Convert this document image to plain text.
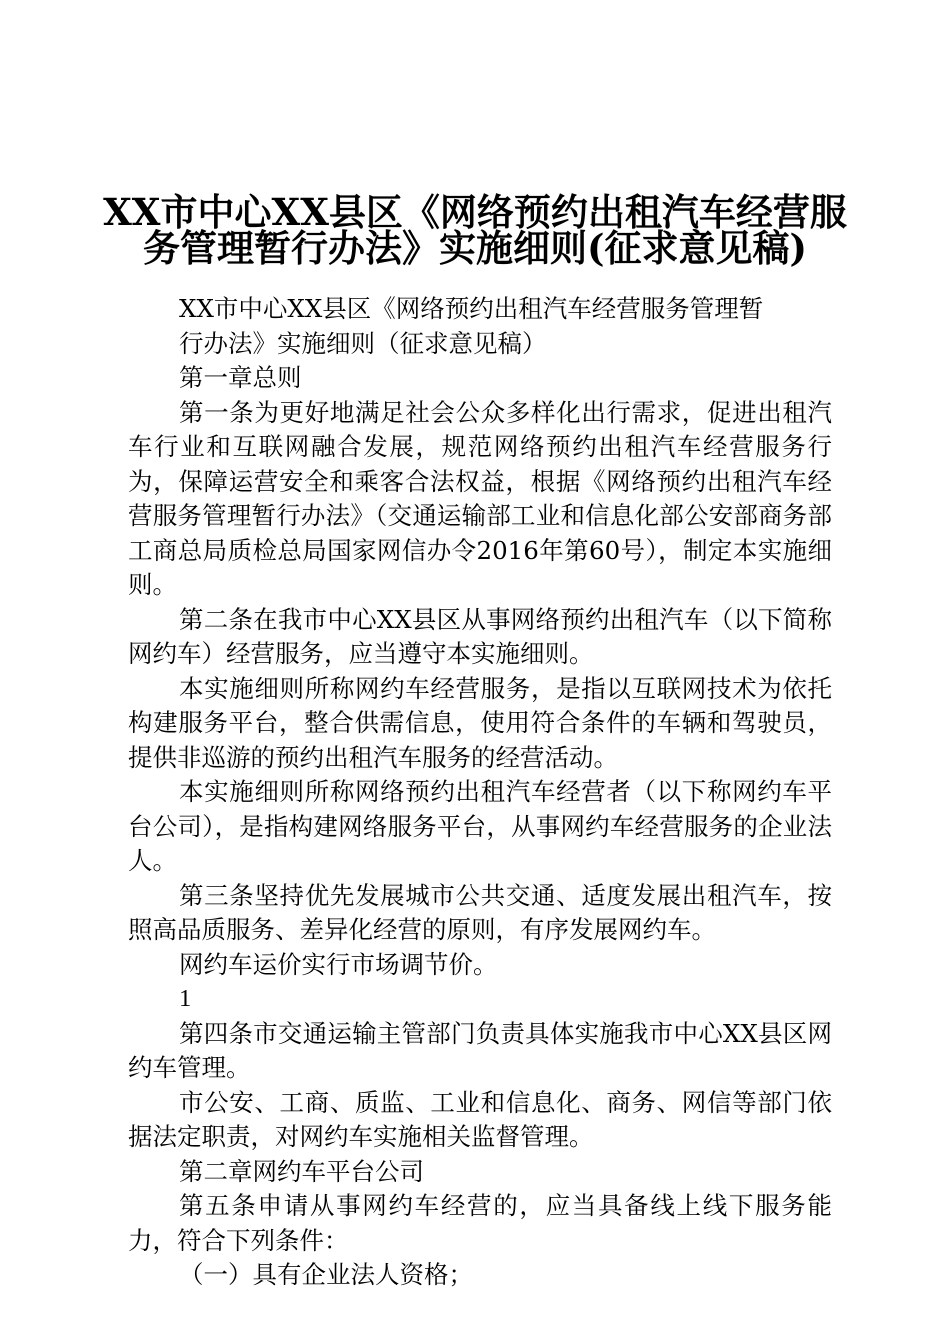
XX市中心XX县区《网络预约出租汽车经营服
务管理暂行办法》实施细则(征求意见稿)

XX市中心XX县区《网络预约出租汽车经营服务管理暂行办法》实施细则（征求意见稿）

第一章总则

第一条为更好地满足社会公众多样化出行需求，促进出租汽车行业和互联网融合发展，规范网络预约出租汽车经营服务行为，保障运营安全和乘客合法权益，根据《网络预约出租汽车经营服务管理暂行办法》（交通运输部工业和信息化部公安部商务部工商总局质检总局国家网信办令2016年第60号），制定本实施细则。

第二条在我市中心XX县区从事网络预约出租汽车（以下简称网约车）经营服务，应当遵守本实施细则。

本实施细则所称网约车经营服务，是指以互联网技术为依托构建服务平台，整合供需信息，使用符合条件的车辆和驾驶员，提供非巡游的预约出租汽车服务的经营活动。

本实施细则所称网络预约出租汽车经营者（以下称网约车平台公司），是指构建网络服务平台，从事网约车经营服务的企业法人。

第三条坚持优先发展城市公共交通、适度发展出租汽车，按照高品质服务、差异化经营的原则，有序发展网约车。

网约车运价实行市场调节价。

1

第四条市交通运输主管部门负责具体实施我市中心XX县区网约车管理。

市公安、工商、质监、工业和信息化、商务、网信等部门依据法定职责，对网约车实施相关监督管理。

第二章网约车平台公司

第五条申请从事网约车经营的，应当具备线上线下服务能力，符合下列条件：

（一）具有企业法人资格；
